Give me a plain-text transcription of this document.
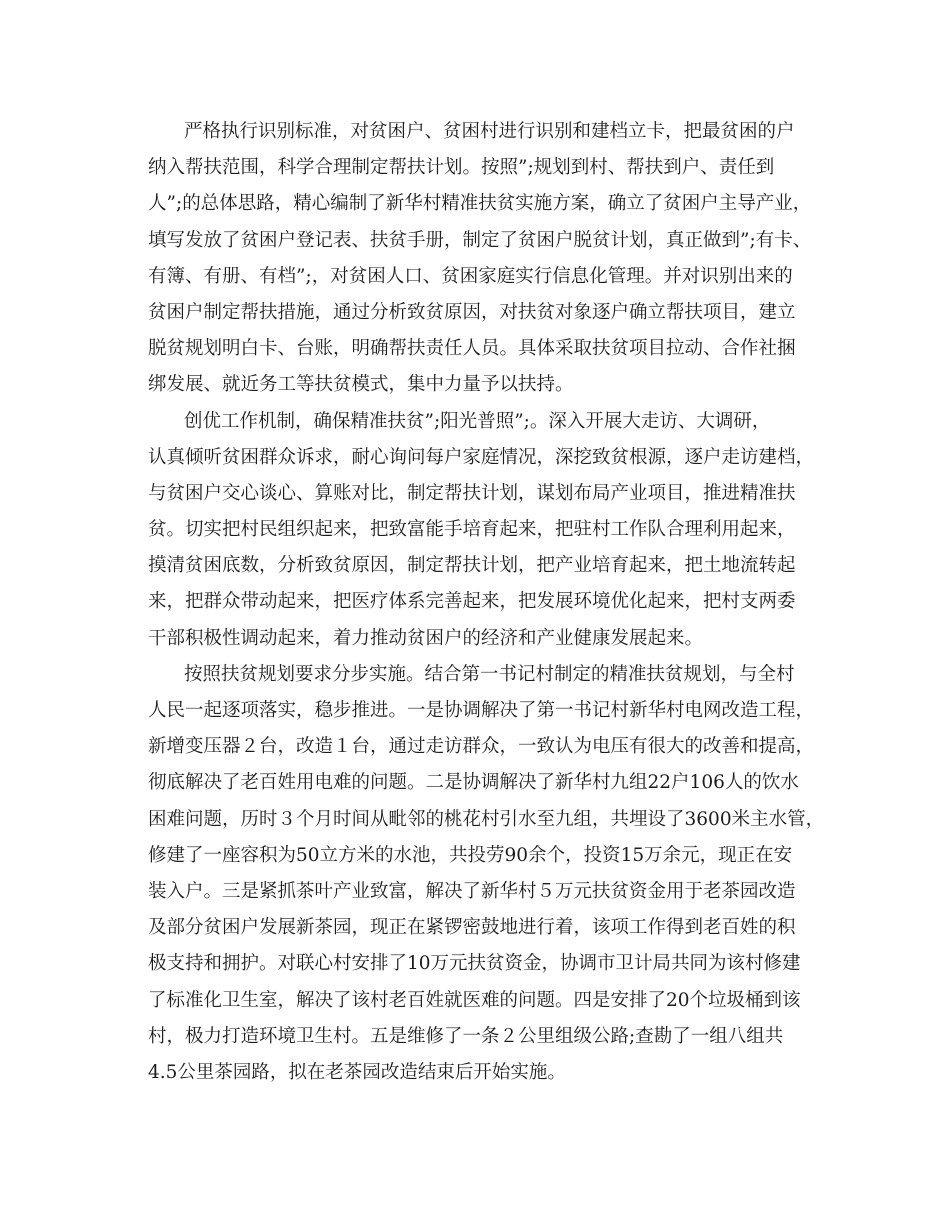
严格执行识别标准，对贫困户、贫困村进行识别和建档立卡，把最贫困的户
纳入帮扶范围，科学合理制定帮扶计划。按照”;规划到村、帮扶到户、责任到
人”;的总体思路，精心编制了新华村精准扶贫实施方案，确立了贫困户主导产业，
填写发放了贫困户登记表、扶贫手册，制定了贫困户脱贫计划，真正做到”;有卡、
有簿、有册、有档”;，对贫困人口、贫困家庭实行信息化管理。并对识别出来的
贫困户制定帮扶措施，通过分析致贫原因，对扶贫对象逐户确立帮扶项目，建立
脱贫规划明白卡、台账，明确帮扶责任人员。具体采取扶贫项目拉动、合作社捆
绑发展、就近务工等扶贫模式，集中力量予以扶持。
创优工作机制，确保精准扶贫”;阳光普照”;。深入开展大走访、大调研，
认真倾听贫困群众诉求，耐心询问每户家庭情况，深挖致贫根源，逐户走访建档，
与贫困户交心谈心、算账对比，制定帮扶计划，谋划布局产业项目，推进精准扶
贫。切实把村民组织起来，把致富能手培育起来，把驻村工作队合理利用起来，
摸清贫困底数，分析致贫原因，制定帮扶计划，把产业培育起来，把土地流转起
来，把群众带动起来，把医疗体系完善起来，把发展环境优化起来，把村支两委
干部积极性调动起来，着力推动贫困户的经济和产业健康发展起来。
按照扶贫规划要求分步实施。结合第一书记村制定的精准扶贫规划，与全村
人民一起逐项落实，稳步推进。一是协调解决了第一书记村新华村电网改造工程，
新增变压器２台，改造１台，通过走访群众，一致认为电压有很大的改善和提高，
彻底解决了老百姓用电难的问题。二是协调解决了新华村九组22户106人的饮水
困难问题，历时３个月时间从毗邻的桃花村引水至九组，共埋设了3600米主水管，
修建了一座容积为50立方米的水池，共投劳90余个，投资15万余元，现正在安
装入户。三是紧抓茶叶产业致富，解决了新华村５万元扶贫资金用于老茶园改造
及部分贫困户发展新茶园，现正在紧锣密鼓地进行着，该项工作得到老百姓的积
极支持和拥护。对联心村安排了10万元扶贫资金，协调市卫计局共同为该村修建
了标准化卫生室，解决了该村老百姓就医难的问题。四是安排了20个垃圾桶到该
村，极力打造环境卫生村。五是维修了一条２公里组级公路;查勘了一组八组共
4.5公里茶园路，拟在老茶园改造结束后开始实施。
